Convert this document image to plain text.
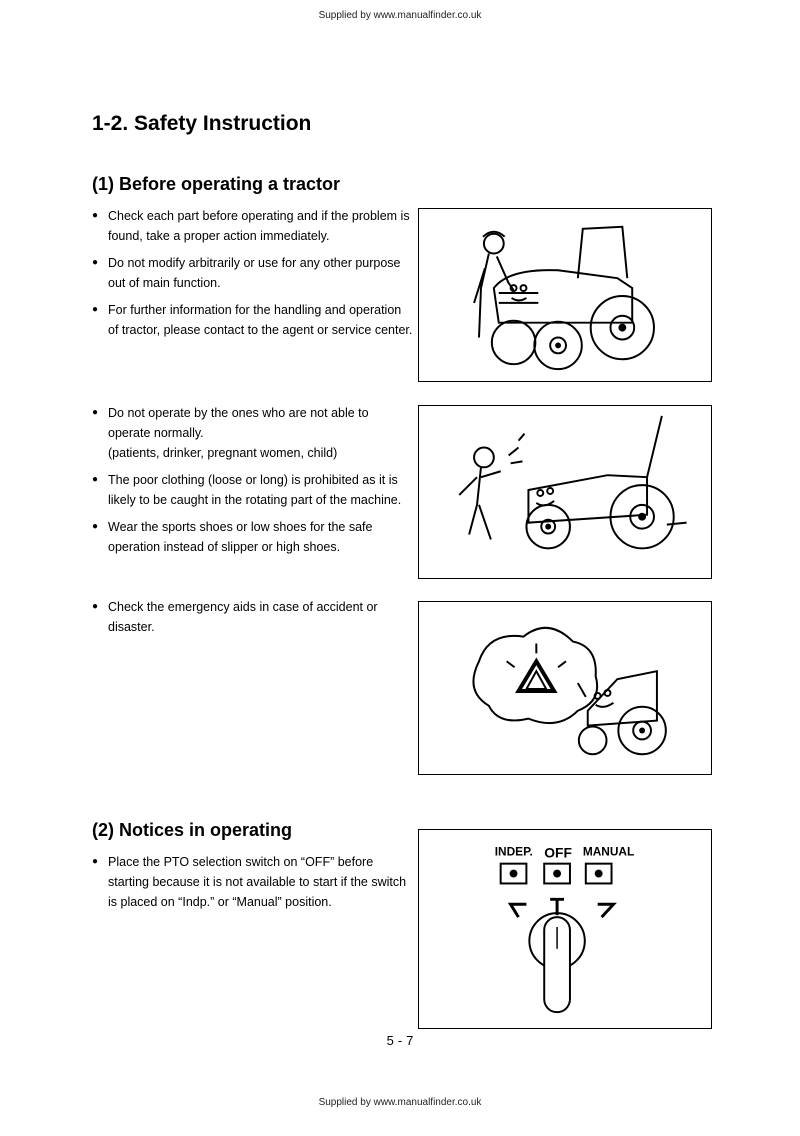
Supplied by www.manualfinder.co.uk
1-2. Safety Instruction
(1) Before operating a tractor
● Check each part before operating and if the problem is found, take a proper action immediately.
● Do not modify arbitrarily or use for any other purpose out of main function.
● For further information for the handling and operation of tractor, please contact to the agent or service center.
● Do not operate by the ones who are not able to operate normally.
(patients, drinker, pregnant women, child)
● The poor clothing (loose or long) is prohibited as it is likely to be caught in the rotating part of the machine.
● Wear the sports shoes or low shoes for the safe operation instead of slipper or high shoes.
● Check the emergency aids in case of accident or disaster.
(2) Notices in operating
● Place the PTO selection switch on “OFF” before starting because it is not available to start if the switch is placed on “Indp.” or “Manual” position.
INDEP. OFF MANUAL
5 - 7
Supplied by www.manualfinder.co.uk
